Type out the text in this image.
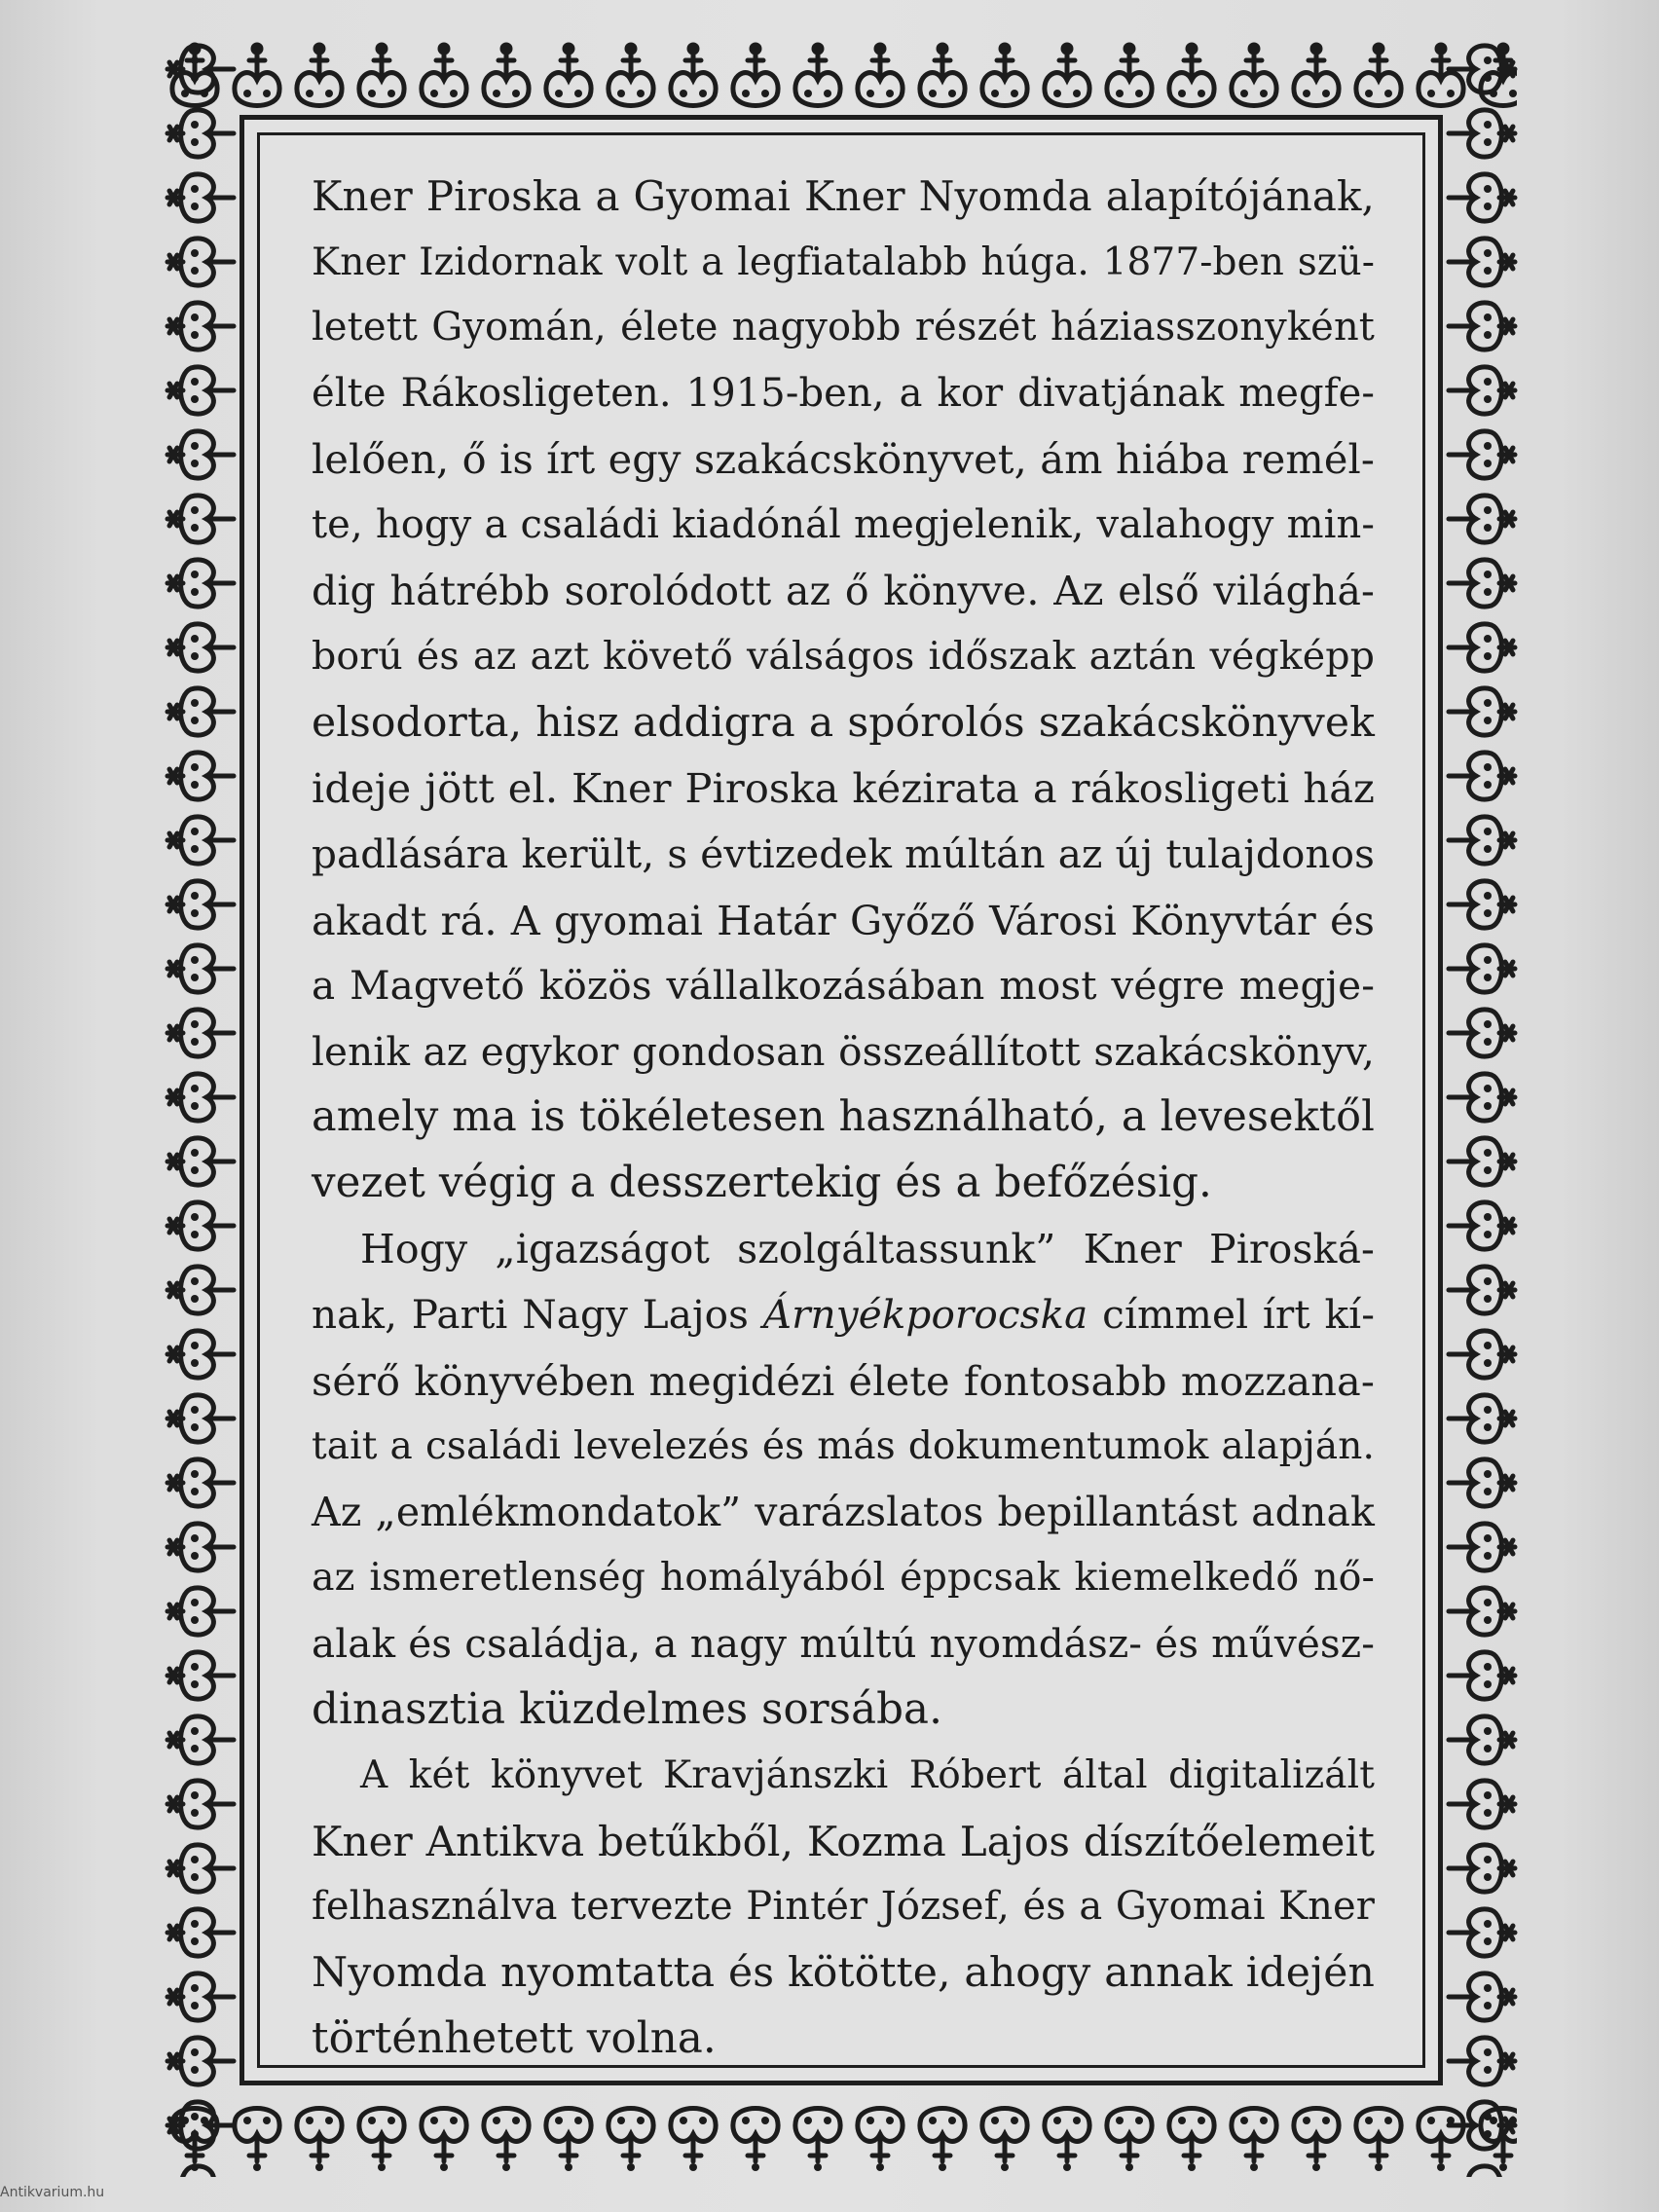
Kner Piroska a Gyomai Kner Nyomda alapítójának,
Kner Izidornak volt a legfiatalabb húga. 1877-ben szü-
letett Gyomán, élete nagyobb részét háziasszonyként
élte Rákosligeten. 1915-ben, a kor divatjának megfe-
lelően, ő is írt egy szakácskönyvet, ám hiába remél-
te, hogy a családi kiadónál megjelenik, valahogy min-
dig hátrébb sorolódott az ő könyve. Az első világhá-
ború és az azt követő válságos időszak aztán végképp
elsodorta, hisz addigra a spórolós szakácskönyvek
ideje jött el. Kner Piroska kézirata a rákosligeti ház
padlására került, s évtizedek múltán az új tulajdonos
akadt rá. A gyomai Határ Győző Városi Könyvtár és
a Magvető közös vállalkozásában most végre megje-
lenik az egykor gondosan összeállított szakácskönyv,
amely ma is tökéletesen használható, a levesektől
vezet végig a desszertekig és a befőzésig.

Hogy „igazságot szolgáltassunk” Kner Piroská-
nak, Parti Nagy Lajos Árnyékporocska címmel írt kí-
sérő könyvében megidézi élete fontosabb mozzana-
tait a családi levelezés és más dokumentumok alapján.
Az „emlékmondatok” varázslatos bepillantást adnak
az ismeretlenség homályából éppcsak kiemelkedő nő-
alak és családja, a nagy múltú nyomdász- és művész-
dinasztia küzdelmes sorsába.

A két könyvet Kravjánszki Róbert által digitalizált
Kner Antikva betűkből, Kozma Lajos díszítőelemeit
felhasználva tervezte Pintér József, és a Gyomai Kner
Nyomda nyomtatta és kötötte, ahogy annak idején
történhetett volna.

Antikvarium.hu
